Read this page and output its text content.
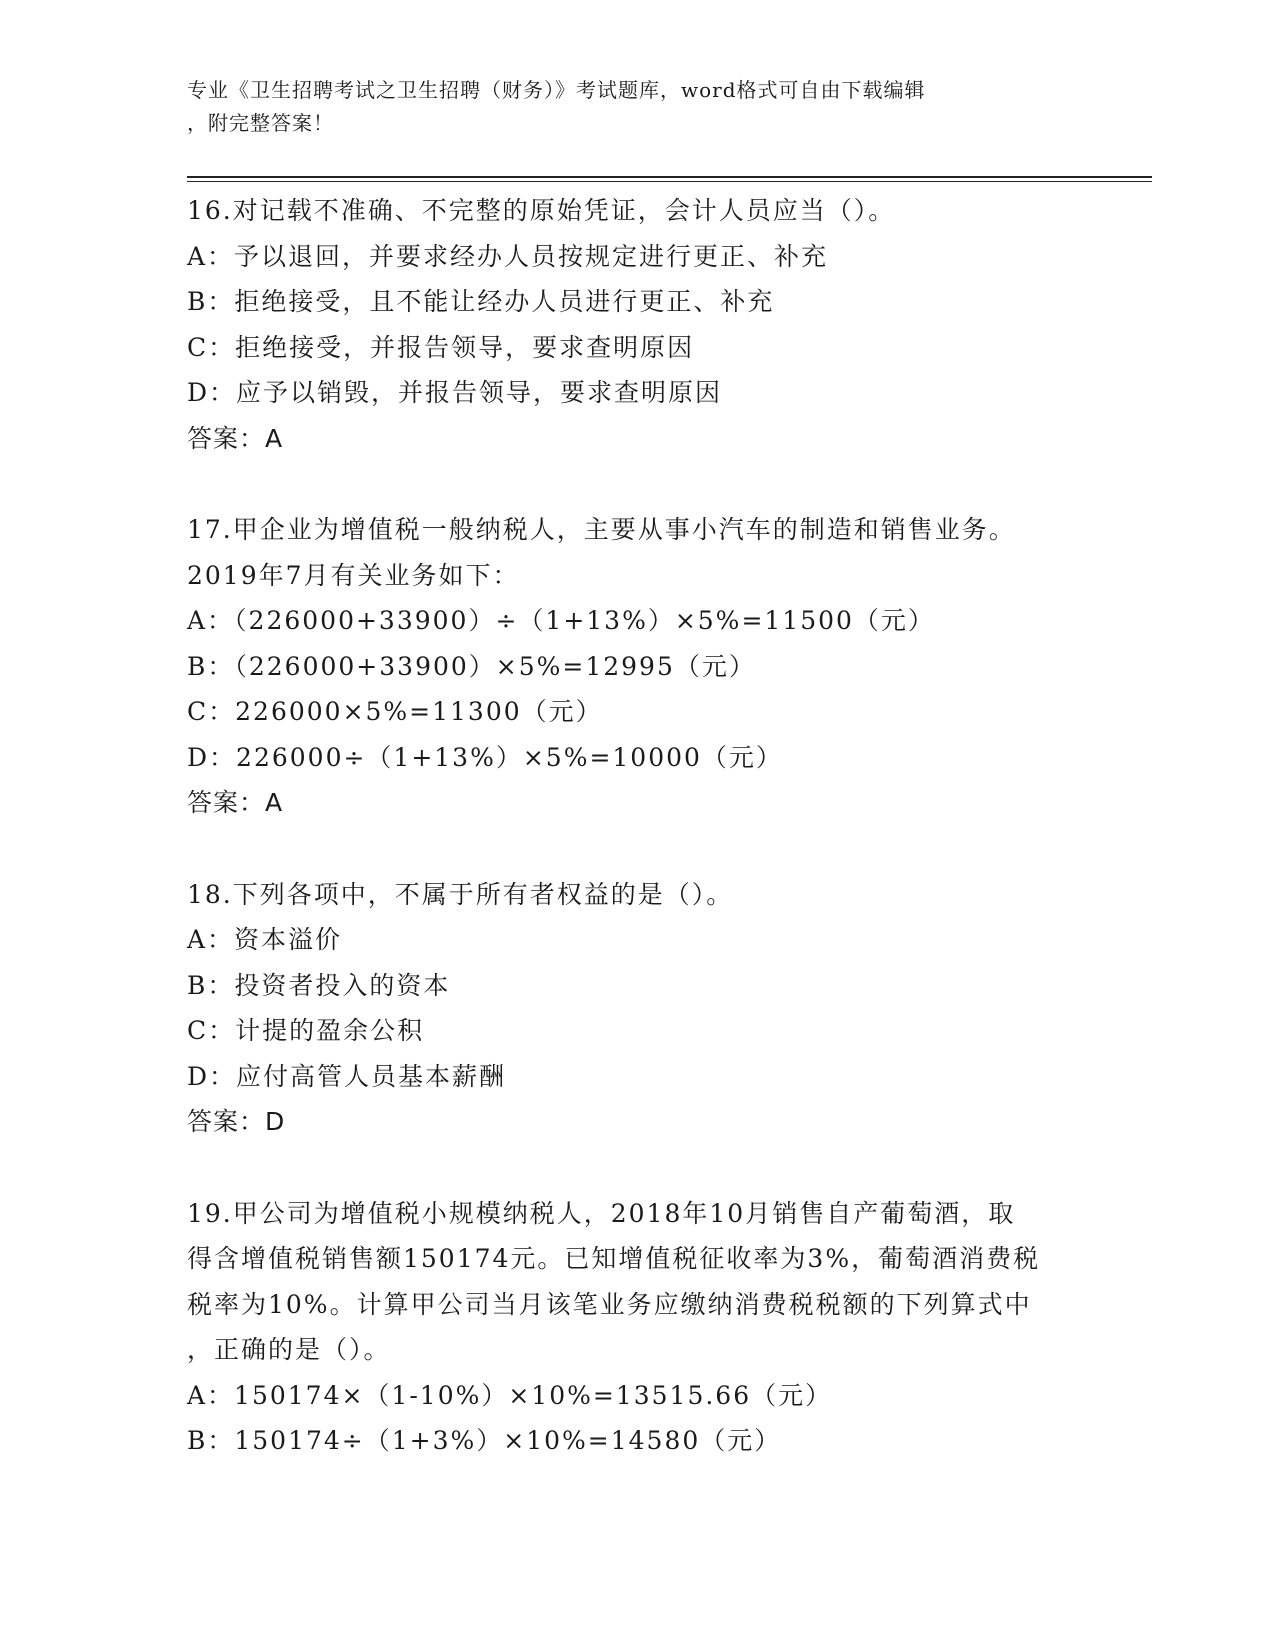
专业《卫生招聘考试之卫生招聘（财务）》考试题库，word格式可自由下载编辑
，附完整答案！
16.对记载不准确、不完整的原始凭证，会计人员应当（）。
A：予以退回，并要求经办人员按规定进行更正、补充
B：拒绝接受，且不能让经办人员进行更正、补充
C：拒绝接受，并报告领导，要求查明原因
D：应予以销毁，并报告领导，要求查明原因
答案：A
17.甲企业为增值税一般纳税人，主要从事小汽车的制造和销售业务。
2019年7月有关业务如下：
A：（226000+33900）÷（1+13%）×5%=11500（元）
B：（226000+33900）×5%=12995（元）
C：226000×5%=11300（元）
D：226000÷（1+13%）×5%=10000（元）
答案：A
18.下列各项中，不属于所有者权益的是（）。
A：资本溢价
B：投资者投入的资本
C：计提的盈余公积
D：应付高管人员基本薪酬
答案：D
19.甲公司为增值税小规模纳税人，2018年10月销售自产葡萄酒，取
得含增值税销售额150174元。已知增值税征收率为3%，葡萄酒消费税
税率为10%。计算甲公司当月该笔业务应缴纳消费税税额的下列算式中
，正确的是（）。
A：150174×（1-10%）×10%=13515.66（元）
B：150174÷（1+3%）×10%=14580（元）
